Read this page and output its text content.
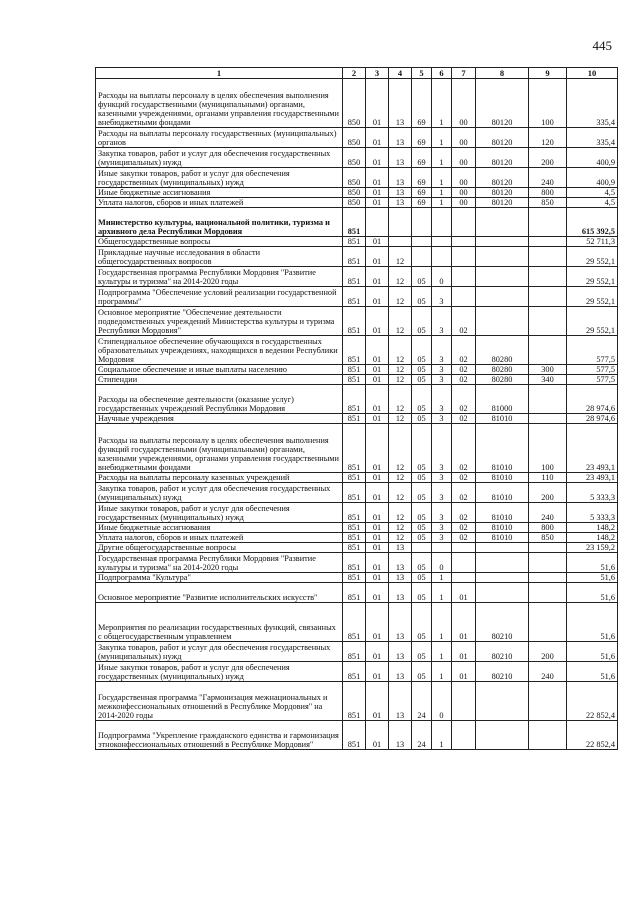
445
1	2	3	4	5	6	7	8	9	10
Расходы на выплаты персоналу в целях обеспечения выполнения функций государственными (муниципальными) органами, казенными учреждениями, органами управления государственными внебюджетными фондами	850	01	13	69	1	00	80120	100	335,4
Расходы на выплаты персоналу государственных (муниципальных) органов	850	01	13	69	1	00	80120	120	335,4
Закупка товаров, работ и услуг для обеспечения государственных (муниципальных) нужд	850	01	13	69	1	00	80120	200	400,9
Иные закупки товаров, работ и услуг для обеспечения государственных (муниципальных) нужд	850	01	13	69	1	00	80120	240	400,9
Иные бюджетные ассигнования	850	01	13	69	1	00	80120	800	4,5
Уплата налогов, сборов и иных платежей	850	01	13	69	1	00	80120	850	4,5
Министерство культуры, национальной политики, туризма и архивного дела Республики Мордовия	851								615 392,5
Общегосударственные вопросы	851	01							52 711,3
Прикладные научные исследования в области общегосударственных вопросов	851	01	12						29 552,1
Государственная программа Республики Мордовия "Развитие культуры и туризма" на 2014-2020 годы	851	01	12	05	0				29 552,1
Подпрограмма "Обеспечение условий реализации государственной программы"	851	01	12	05	3				29 552,1
Основное мероприятие "Обеспечение деятельности подведомственных учреждений Министерства культуры и туризма Республики Мордовия"	851	01	12	05	3	02			29 552,1
Стипендиальное обеспечение обучающихся в государственных образовательных учреждениях, находящихся в ведении Республики Мордовия	851	01	12	05	3	02	80280		577,5
Социальное обеспечение и иные выплаты населению	851	01	12	05	3	02	80280	300	577,5
Стипендии	851	01	12	05	3	02	80280	340	577,5
Расходы на обеспечение деятельности (оказание услуг) государственных учреждений Республики Мордовия	851	01	12	05	3	02	81000		28 974,6
Научные учреждения	851	01	12	05	3	02	81010		28 974,6
Расходы на выплаты персоналу в целях обеспечения выполнения функций государственными (муниципальными) органами, казенными учреждениями, органами управления государственными внебюджетными фондами	851	01	12	05	3	02	81010	100	23 493,1
Расходы на выплаты персоналу казенных учреждений	851	01	12	05	3	02	81010	110	23 493,1
Закупка товаров, работ и услуг для обеспечения государственных (муниципальных) нужд	851	01	12	05	3	02	81010	200	5 333,3
Иные закупки товаров, работ и услуг для обеспечения государственных (муниципальных) нужд	851	01	12	05	3	02	81010	240	5 333,3
Иные бюджетные ассигнования	851	01	12	05	3	02	81010	800	148,2
Уплата налогов, сборов и иных платежей	851	01	12	05	3	02	81010	850	148,2
Другие общегосударственные вопросы	851	01	13						23 159,2
Государственная программа Республики Мордовия "Развитие культуры и туризма" на 2014-2020 годы	851	01	13	05	0				51,6
Подпрограмма "Культура"	851	01	13	05	1				51,6
Основное мероприятие "Развитие исполнительских искусств"	851	01	13	05	1	01			51,6
Мероприятия по реализации государственных функций, связанных с общегосударственным управлением	851	01	13	05	1	01	80210		51,6
Закупка товаров, работ и услуг для обеспечения государственных (муниципальных) нужд	851	01	13	05	1	01	80210	200	51,6
Иные закупки товаров, работ и услуг для обеспечения государственных (муниципальных) нужд	851	01	13	05	1	01	80210	240	51,6
Государственная программа "Гармонизация межнациональных и межконфессиональных отношений в Республике Мордовия" на 2014-2020 годы	851	01	13	24	0				22 852,4
Подпрограмма "Укрепление гражданского единства и гармонизация этноконфессиональных отношений в Республике Мордовия"	851	01	13	24	1				22 852,4
